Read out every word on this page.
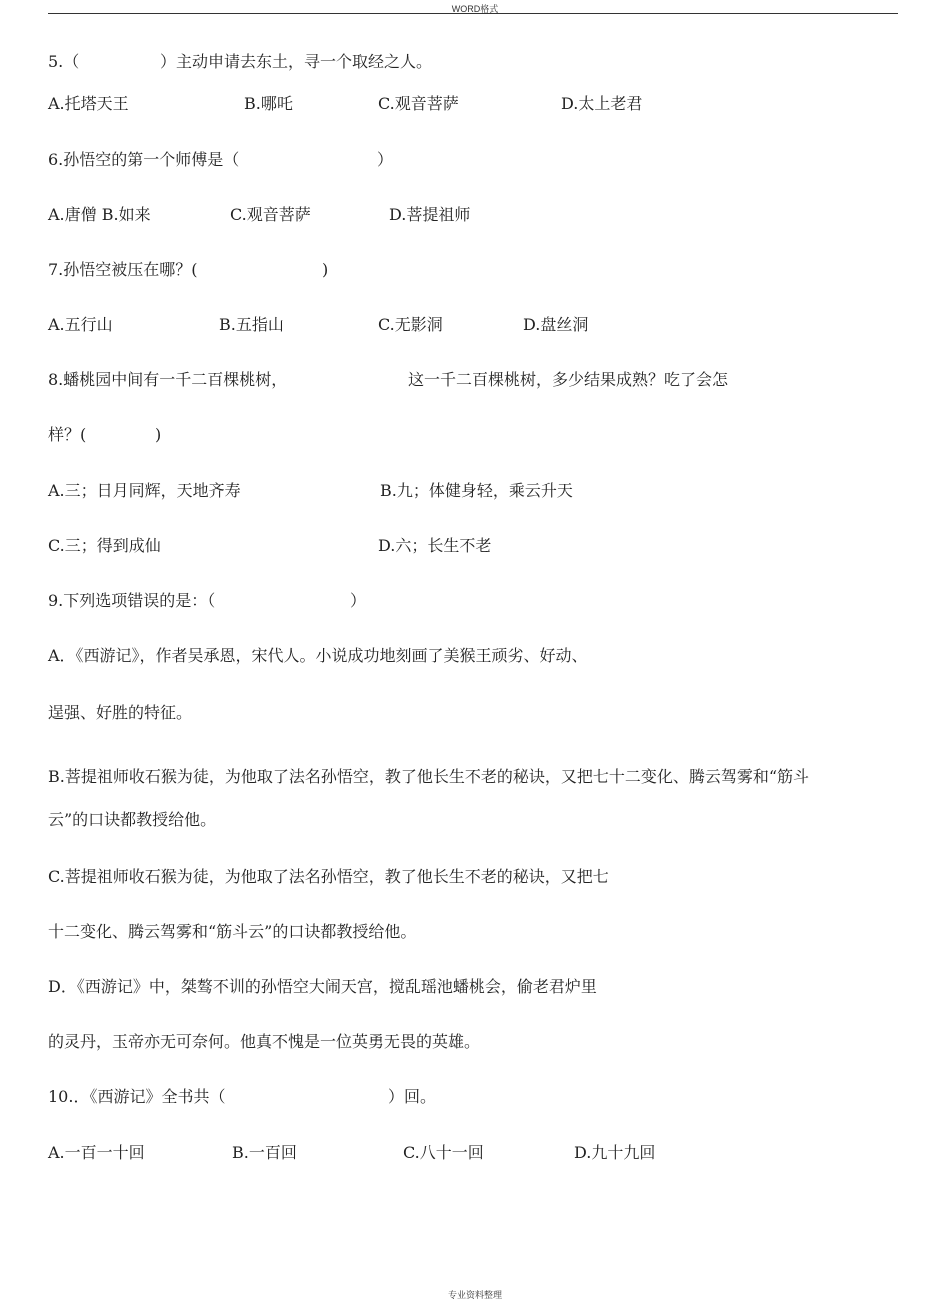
WORD格式
5.（	）主动申请去东土，寻一个取经之人。
A.托塔天王	B.哪吒	C.观音菩萨	D.太上老君
6.孙悟空的第一个师傅是（	）
A.唐僧 B.如来	C.观音菩萨	D.菩提祖师
7.孙悟空被压在哪？(	)
A.五行山	B.五指山	C.无影洞	D.盘丝洞
8.蟠桃园中间有一千二百棵桃树，	这一千二百棵桃树，多少结果成熟？吃了会怎
样？(	)
A.三；日月同辉，天地齐寿	B.九；体健身轻，乘云升天
C.三；得到成仙	D.六；长生不老
9.下列选项错误的是：（	）
A．《西游记》，作者吴承恩，宋代人。小说成功地刻画了美猴王顽劣、好动、
逞强、好胜的特征。
B.菩提祖师收石猴为徒，为他取了法名孙悟空，教了他长生不老的秘诀，又把七十二变化、腾云驾雾和“筋斗
云”的口诀都教授给他。
C.菩提祖师收石猴为徒，为他取了法名孙悟空，教了他长生不老的秘诀，又把七
十二变化、腾云驾雾和“筋斗云”的口诀都教授给他。
D．《西游记》中，桀骜不训的孙悟空大闹天宫，搅乱瑶池蟠桃会，偷老君炉里
的灵丹，玉帝亦无可奈何。他真不愧是一位英勇无畏的英雄。
10.．《西游记》全书共（	）回。
A.一百一十回	B.一百回	C.八十一回	D.九十九回
专业资料整理
